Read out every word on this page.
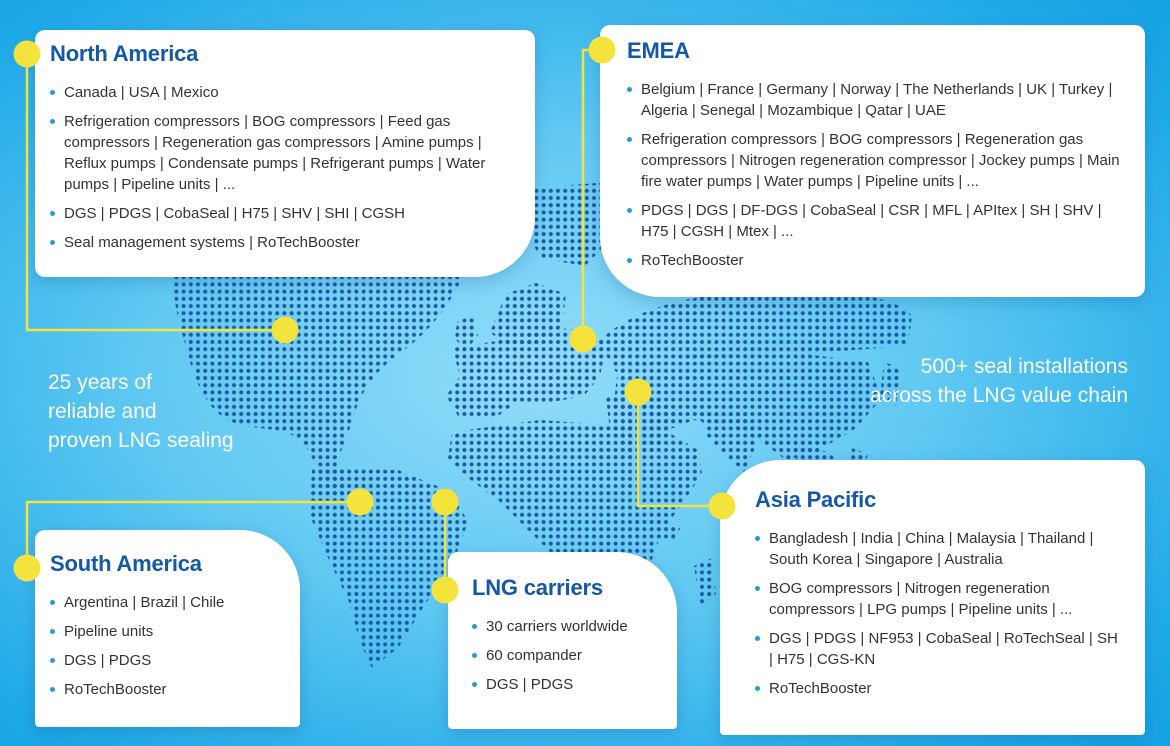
25 years of
reliable and
proven LNG sealing
500+ seal installations
across the LNG value chain
North America
Canada | USA | Mexico
Refrigeration compressors | BOG compressors | Feed gas compressors | Regeneration gas compressors | Amine pumps | Reflux pumps | Condensate pumps | Refrigerant pumps | Water pumps | Pipeline units | ...
DGS | PDGS | CobaSeal | H75 | SHV | SHI | CGSH
Seal management systems | RoTechBooster
EMEA
Belgium | France | Germany | Norway | The Netherlands | UK | Turkey | Algeria | Senegal | Mozambique | Qatar | UAE
Refrigeration compressors | BOG compressors | Regeneration gas compressors | Nitrogen regeneration compressor | Jockey pumps | Main fire water pumps | Water pumps | Pipeline units | ...
PDGS | DGS | DF-DGS | CobaSeal | CSR | MFL | APItex | SH | SHV | H75 | CGSH | Mtex | ...
RoTechBooster
South America
Argentina | Brazil | Chile
Pipeline units
DGS | PDGS
RoTechBooster
LNG carriers
30 carriers worldwide
60 compander
DGS | PDGS
Asia Pacific
Bangladesh | India | China | Malaysia | Thailand | South Korea | Singapore | Australia
BOG compressors | Nitrogen regeneration compressors | LPG pumps | Pipeline units | ...
DGS | PDGS | NF953 | CobaSeal | RoTechSeal | SH | H75 | CGS-KN
RoTechBooster
